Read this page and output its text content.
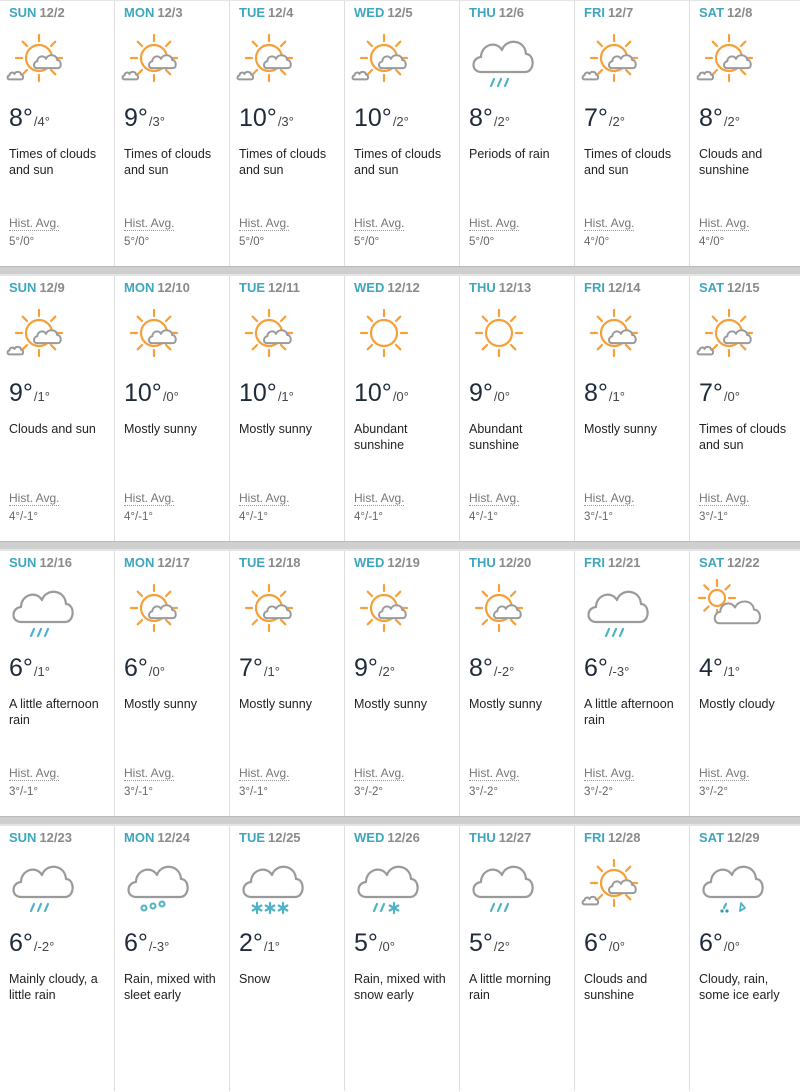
SUN 12/2
8°/4°
Times of clouds and sun
Hist. Avg.
5°/0°
MON 12/3
9°/3°
Times of clouds and sun
Hist. Avg.
5°/0°
TUE 12/4
10°/3°
Times of clouds and sun
Hist. Avg.
5°/0°
WED 12/5
10°/2°
Times of clouds and sun
Hist. Avg.
5°/0°
THU 12/6
8°/2°
Periods of rain
Hist. Avg.
5°/0°
FRI 12/7
7°/2°
Times of clouds and sun
Hist. Avg.
4°/0°
SAT 12/8
8°/2°
Clouds and sunshine
Hist. Avg.
4°/0°
SUN 12/9
9°/1°
Clouds and sun
Hist. Avg.
4°/-1°
MON 12/10
10°/0°
Mostly sunny
Hist. Avg.
4°/-1°
TUE 12/11
10°/1°
Mostly sunny
Hist. Avg.
4°/-1°
WED 12/12
10°/0°
Abundant sunshine
Hist. Avg.
4°/-1°
THU 12/13
9°/0°
Abundant sunshine
Hist. Avg.
4°/-1°
FRI 12/14
8°/1°
Mostly sunny
Hist. Avg.
3°/-1°
SAT 12/15
7°/0°
Times of clouds and sun
Hist. Avg.
3°/-1°
SUN 12/16
6°/1°
A little afternoon rain
Hist. Avg.
3°/-1°
MON 12/17
6°/0°
Mostly sunny
Hist. Avg.
3°/-1°
TUE 12/18
7°/1°
Mostly sunny
Hist. Avg.
3°/-1°
WED 12/19
9°/2°
Mostly sunny
Hist. Avg.
3°/-2°
THU 12/20
8°/-2°
Mostly sunny
Hist. Avg.
3°/-2°
FRI 12/21
6°/-3°
A little afternoon rain
Hist. Avg.
3°/-2°
SAT 12/22
4°/1°
Mostly cloudy
Hist. Avg.
3°/-2°
SUN 12/23
6°/-2°
Mainly cloudy, a little rain
MON 12/24
6°/-3°
Rain, mixed with sleet early
TUE 12/25
2°/1°
Snow
WED 12/26
5°/0°
Rain, mixed with snow early
THU 12/27
5°/2°
A little morning rain
FRI 12/28
6°/0°
Clouds and sunshine
SAT 12/29
6°/0°
Cloudy, rain, some ice early
